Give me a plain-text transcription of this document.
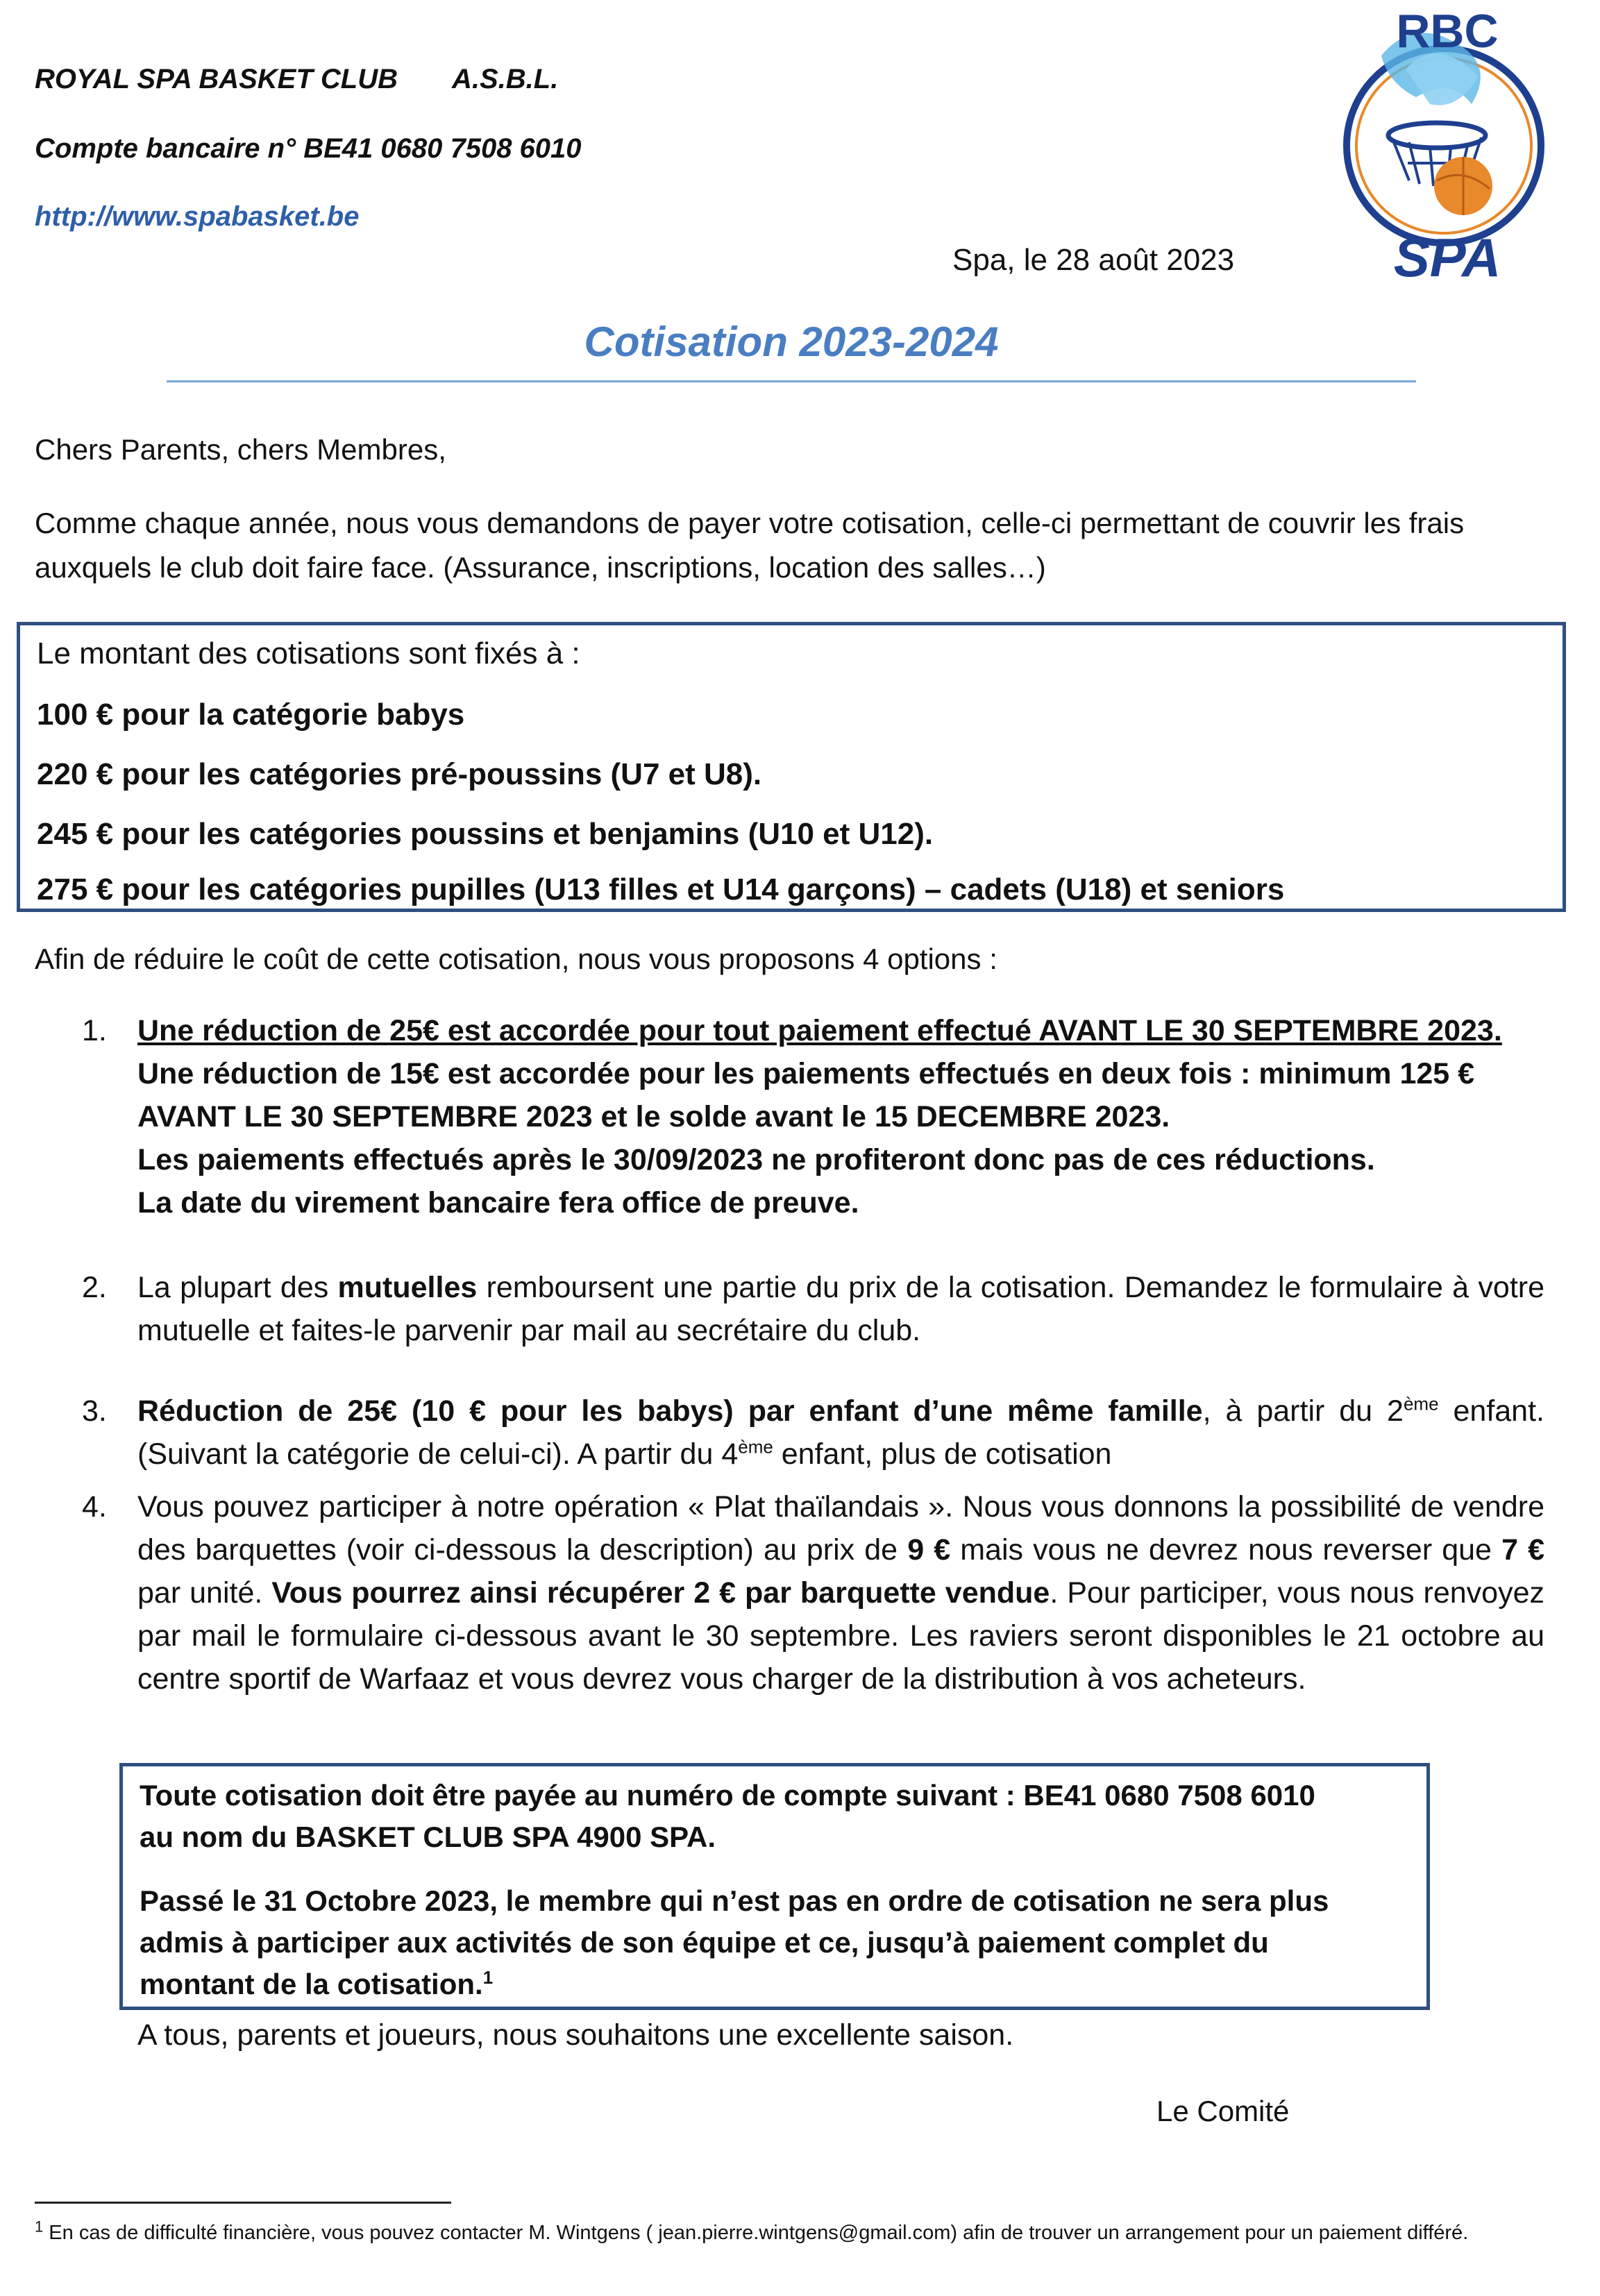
ROYAL SPA BASKET CLUB A.S.B.L.
Compte bancaire n° BE41 0680 7508 6010
http://www.spabasket.be
Spa, le 28 août 2023
RBC
SPA
Cotisation 2023-2024
Chers Parents, chers Membres,
Comme chaque année, nous vous demandons de payer votre cotisation, celle-ci permettant de couvrir les frais
auxquels le club doit faire face. (Assurance, inscriptions, location des salles…)
Le montant des cotisations sont fixés à :
100 € pour la catégorie babys
220 € pour les catégories pré-poussins (U7 et U8).
245 € pour les catégories poussins et benjamins (U10 et U12).
275 € pour les catégories pupilles (U13 filles et U14 garçons) – cadets (U18) et seniors
Afin de réduire le coût de cette cotisation, nous vous proposons 4 options :
1. Une réduction de 25€ est accordée pour tout paiement effectué AVANT LE 30 SEPTEMBRE 2023.
Une réduction de 15€ est accordée pour les paiements effectués en deux fois : minimum 125 €
AVANT LE 30 SEPTEMBRE 2023 et le solde avant le 15 DECEMBRE 2023.
Les paiements effectués après le 30/09/2023 ne profiteront donc pas de ces réductions.
La date du virement bancaire fera office de preuve.
2. La plupart des mutuelles remboursent une partie du prix de la cotisation. Demandez le formulaire à votre mutuelle et faites-le parvenir par mail au secrétaire du club.
3. Réduction de 25€ (10 € pour les babys) par enfant d’une même famille, à partir du 2ème enfant. (Suivant la catégorie de celui-ci). A partir du 4ème enfant, plus de cotisation
4. Vous pouvez participer à notre opération « Plat thaïlandais ». Nous vous donnons la possibilité de vendre des barquettes (voir ci-dessous la description) au prix de 9 € mais vous ne devrez nous reverser que 7 € par unité. Vous pourrez ainsi récupérer 2 € par barquette vendue. Pour participer, vous nous renvoyez par mail le formulaire ci-dessous avant le 30 septembre. Les raviers seront disponibles le 21 octobre au centre sportif de Warfaaz et vous devrez vous charger de la distribution à vos acheteurs.
Toute cotisation doit être payée au numéro de compte suivant : BE41 0680 7508 6010
au nom du BASKET CLUB SPA 4900 SPA.
Passé le 31 Octobre 2023, le membre qui n’est pas en ordre de cotisation ne sera plus
admis à participer aux activités de son équipe et ce, jusqu’à paiement complet du
montant de la cotisation.$^1$
A tous, parents et joueurs, nous souhaitons une excellente saison.
Le Comité
$^1$ En cas de difficulté financière, vous pouvez contacter M. Wintgens ( jean.pierre.wintgens@gmail.com) afin de trouver un arrangement pour un paiement différé.
